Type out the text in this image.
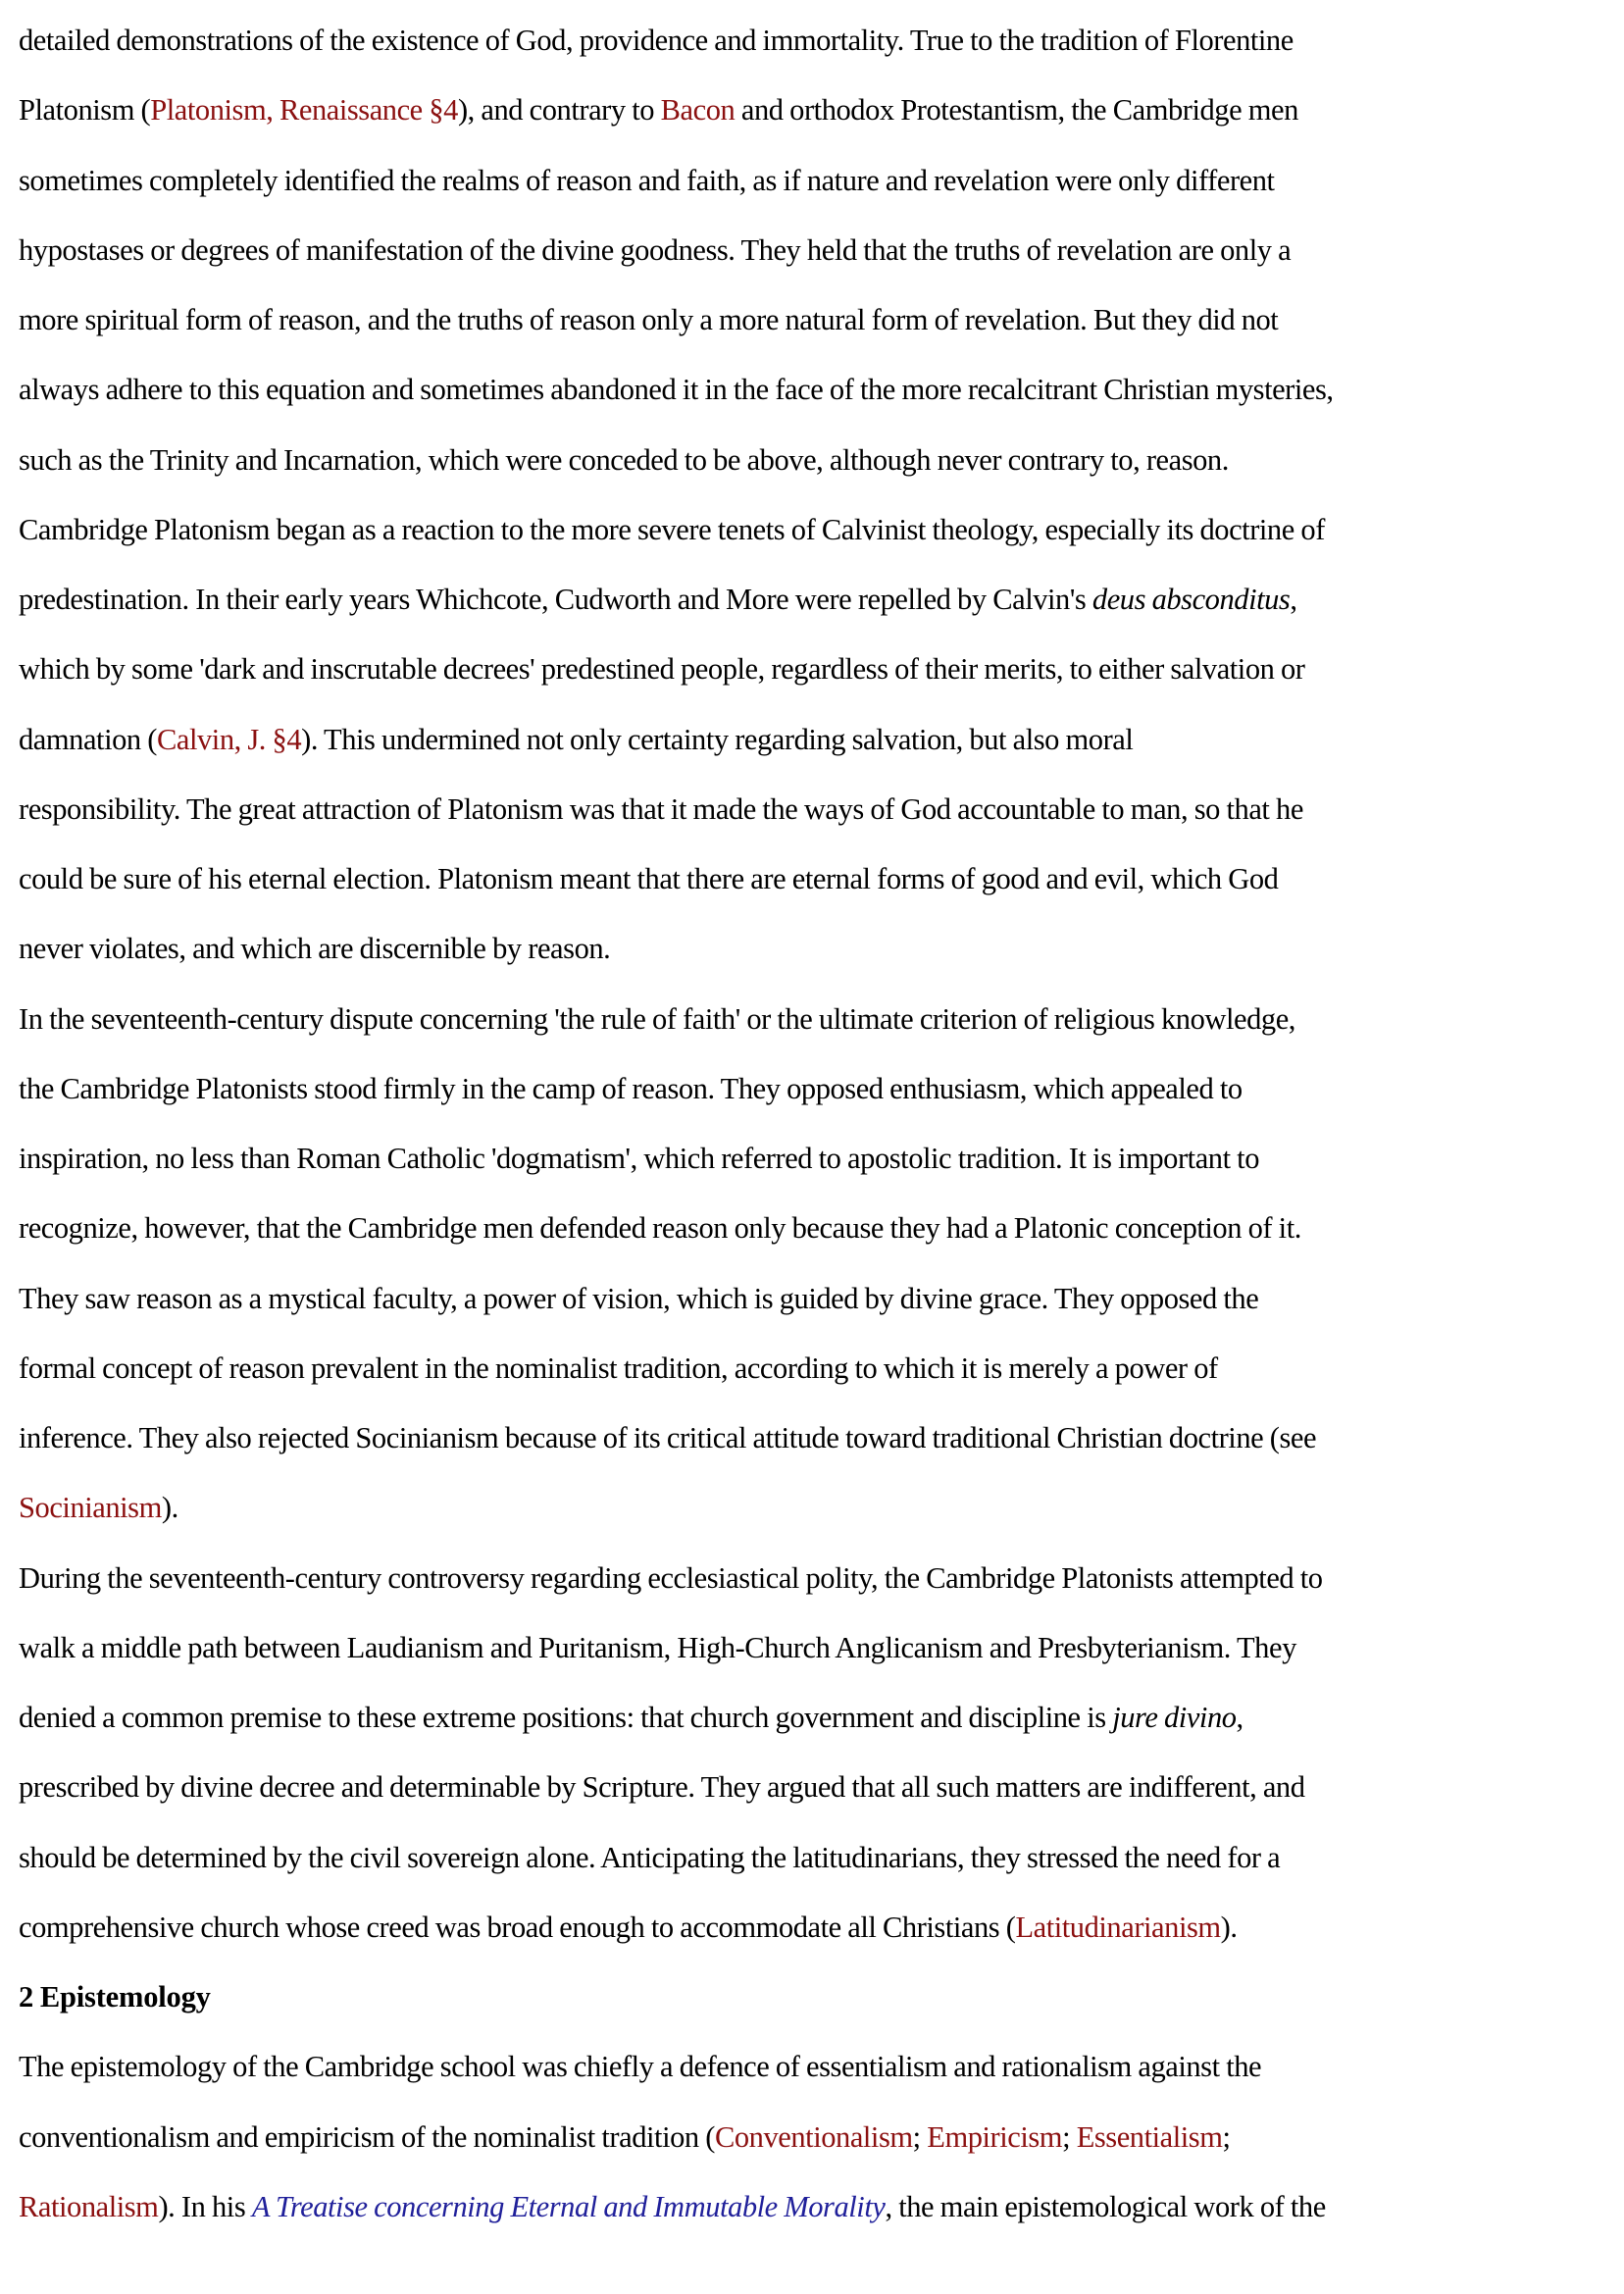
detailed demonstrations of the existence of God, providence and immortality. True to the tradition of Florentine
Platonism (Platonism, Renaissance §4), and contrary to Bacon and orthodox Protestantism, the Cambridge men
sometimes completely identified the realms of reason and faith, as if nature and revelation were only different
hypostases or degrees of manifestation of the divine goodness. They held that the truths of revelation are only a
more spiritual form of reason, and the truths of reason only a more natural form of revelation. But they did not
always adhere to this equation and sometimes abandoned it in the face of the more recalcitrant Christian mysteries,
such as the Trinity and Incarnation, which were conceded to be above, although never contrary to, reason.
Cambridge Platonism began as a reaction to the more severe tenets of Calvinist theology, especially its doctrine of
predestination. In their early years Whichcote, Cudworth and More were repelled by Calvin's deus absconditus,
which by some 'dark and inscrutable decrees' predestined people, regardless of their merits, to either salvation or
damnation (Calvin, J. §4). This undermined not only certainty regarding salvation, but also moral
responsibility. The great attraction of Platonism was that it made the ways of God accountable to man, so that he
could be sure of his eternal election. Platonism meant that there are eternal forms of good and evil, which God
never violates, and which are discernible by reason.
In the seventeenth-century dispute concerning 'the rule of faith' or the ultimate criterion of religious knowledge,
the Cambridge Platonists stood firmly in the camp of reason. They opposed enthusiasm, which appealed to
inspiration, no less than Roman Catholic 'dogmatism', which referred to apostolic tradition. It is important to
recognize, however, that the Cambridge men defended reason only because they had a Platonic conception of it.
They saw reason as a mystical faculty, a power of vision, which is guided by divine grace. They opposed the
formal concept of reason prevalent in the nominalist tradition, according to which it is merely a power of
inference. They also rejected Socinianism because of its critical attitude toward traditional Christian doctrine (see
Socinianism).
During the seventeenth-century controversy regarding ecclesiastical polity, the Cambridge Platonists attempted to
walk a middle path between Laudianism and Puritanism, High-Church Anglicanism and Presbyterianism. They
denied a common premise to these extreme positions: that church government and discipline is jure divino,
prescribed by divine decree and determinable by Scripture. They argued that all such matters are indifferent, and
should be determined by the civil sovereign alone. Anticipating the latitudinarians, they stressed the need for a
comprehensive church whose creed was broad enough to accommodate all Christians (Latitudinarianism).
2 Epistemology
The epistemology of the Cambridge school was chiefly a defence of essentialism and rationalism against the
conventionalism and empiricism of the nominalist tradition (Conventionalism; Empiricism; Essentialism;
Rationalism). In his A Treatise concerning Eternal and Immutable Morality, the main epistemological work of the
